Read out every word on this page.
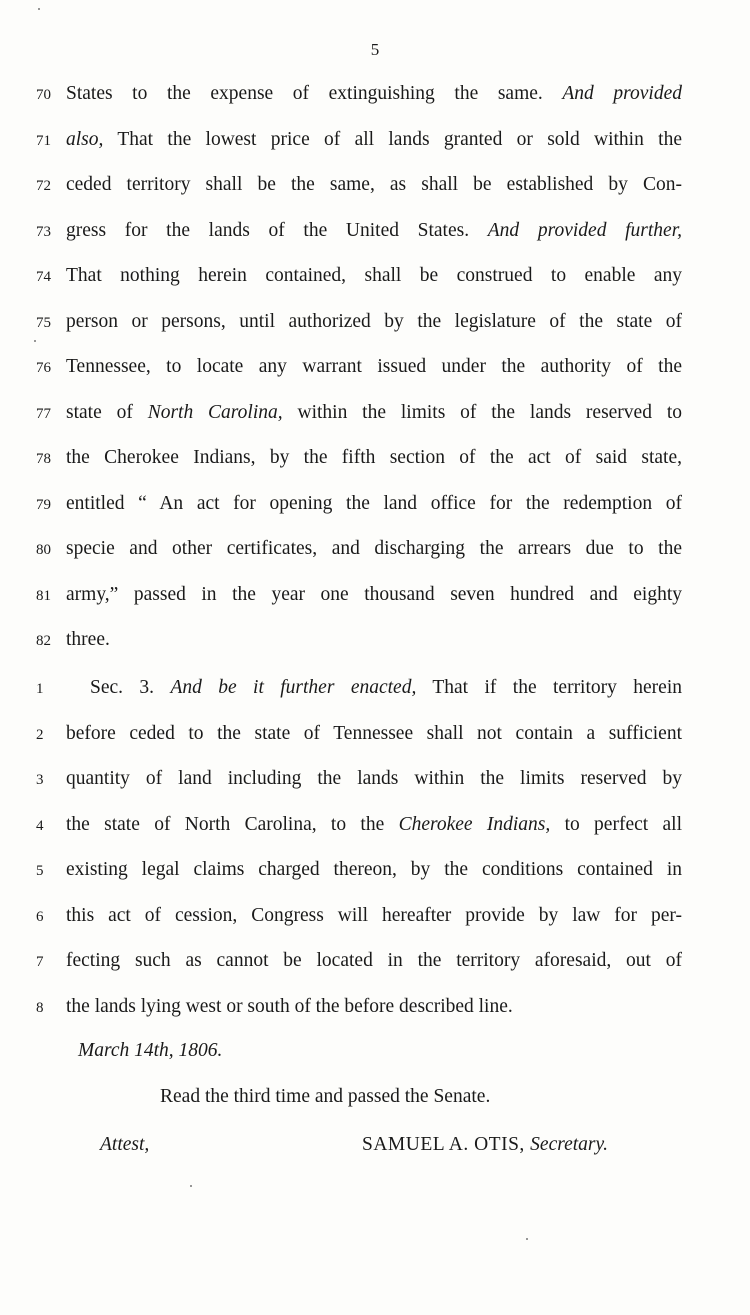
5
70 States to the expense of extinguishing the same. And provided
71 also, That the lowest price of all lands granted or sold within the
72 ceded territory shall be the same, as shall be established by Con-
73 gress for the lands of the United States. And provided further,
74 That nothing herein contained, shall be construed to enable any
75 person or persons, until authorized by the legislature of the state of
76 Tennessee, to locate any warrant issued under the authority of the
77 state of North Carolina, within the limits of the lands reserved to
78 the Cherokee Indians, by the fifth section of the act of said state,
79 entitled “ An act for opening the land office for the redemption of
80 specie and other certificates, and discharging the arrears due to the
81 army,” passed in the year one thousand seven hundred and eighty
82 three.
1 Sec. 3. And be it further enacted, That if the territory herein
2 before ceded to the state of Tennessee shall not contain a sufficient
3 quantity of land including the lands within the limits reserved by
4 the state of North Carolina, to the Cherokee Indians, to perfect all
5 existing legal claims charged thereon, by the conditions contained in
6 this act of cession, Congress will hereafter provide by law for per-
7 fecting such as cannot be located in the territory aforesaid, out of
8 the lands lying west or south of the before described line.
March 14th, 1806.
Read the third time and passed the Senate.
Attest,	SAMUEL A. OTIS, Secretary.
